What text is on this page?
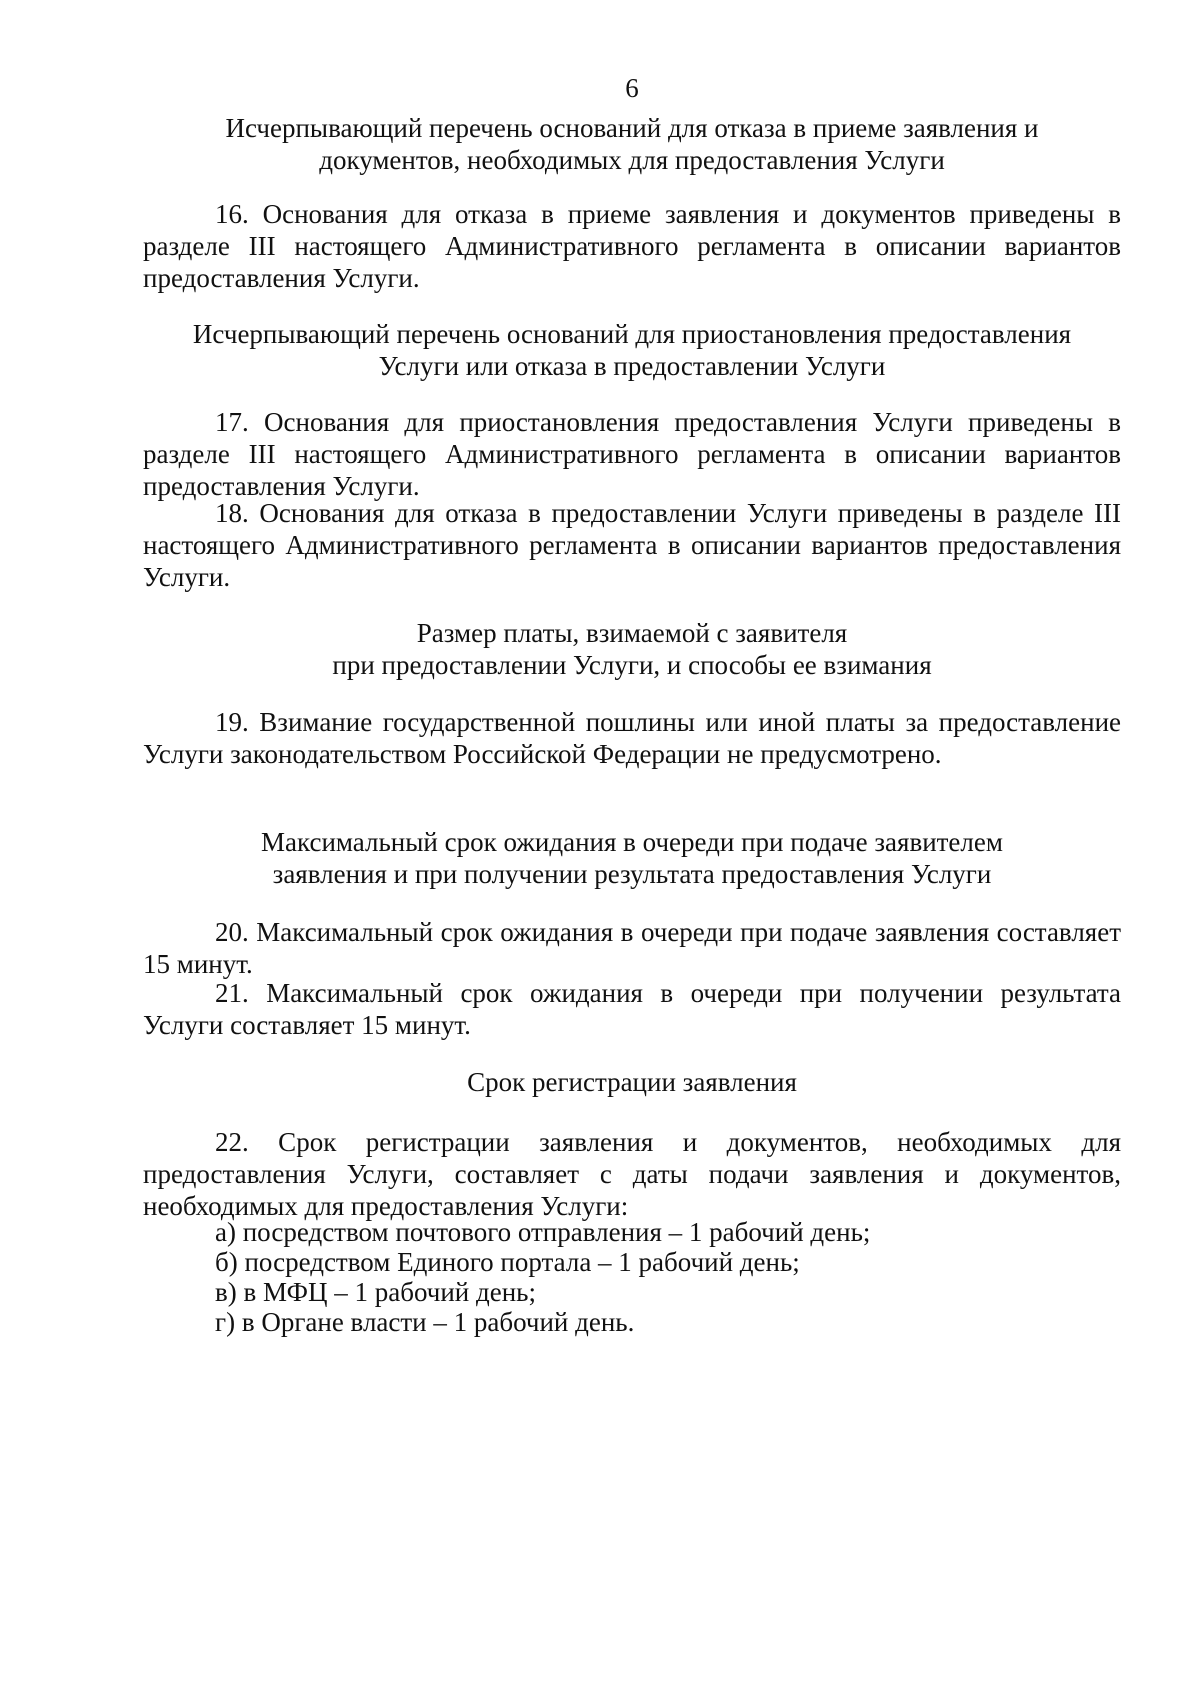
6
Исчерпывающий перечень оснований для отказа в приеме заявления и
документов, необходимых для предоставления Услуги
16. Основания для отказа в приеме заявления и документов приведены в разделе III настоящего Административного регламента в описании вариантов предоставления Услуги.
Исчерпывающий перечень оснований для приостановления предоставления
Услуги или отказа в предоставлении Услуги
17. Основания для приостановления предоставления Услуги приведены в разделе III настоящего Административного регламента в описании вариантов предоставления Услуги.
18. Основания для отказа в предоставлении Услуги приведены в разделе III настоящего Административного регламента в описании вариантов предоставления Услуги.
Размер платы, взимаемой с заявителя
при предоставлении Услуги, и способы ее взимания
19. Взимание государственной пошлины или иной платы за предоставление Услуги законодательством Российской Федерации не предусмотрено.
Максимальный срок ожидания в очереди при подаче заявителем
заявления и при получении результата предоставления Услуги
20. Максимальный срок ожидания в очереди при подаче заявления составляет 15 минут.
21. Максимальный срок ожидания в очереди при получении результата Услуги составляет 15 минут.
Срок регистрации заявления
22. Срок регистрации заявления и документов, необходимых для предоставления Услуги, составляет с даты подачи заявления и документов, необходимых для предоставления Услуги:
а) посредством почтового отправления – 1 рабочий день;
б) посредством Единого портала – 1 рабочий день;
в) в МФЦ – 1 рабочий день;
г) в Органе власти – 1 рабочий день.
